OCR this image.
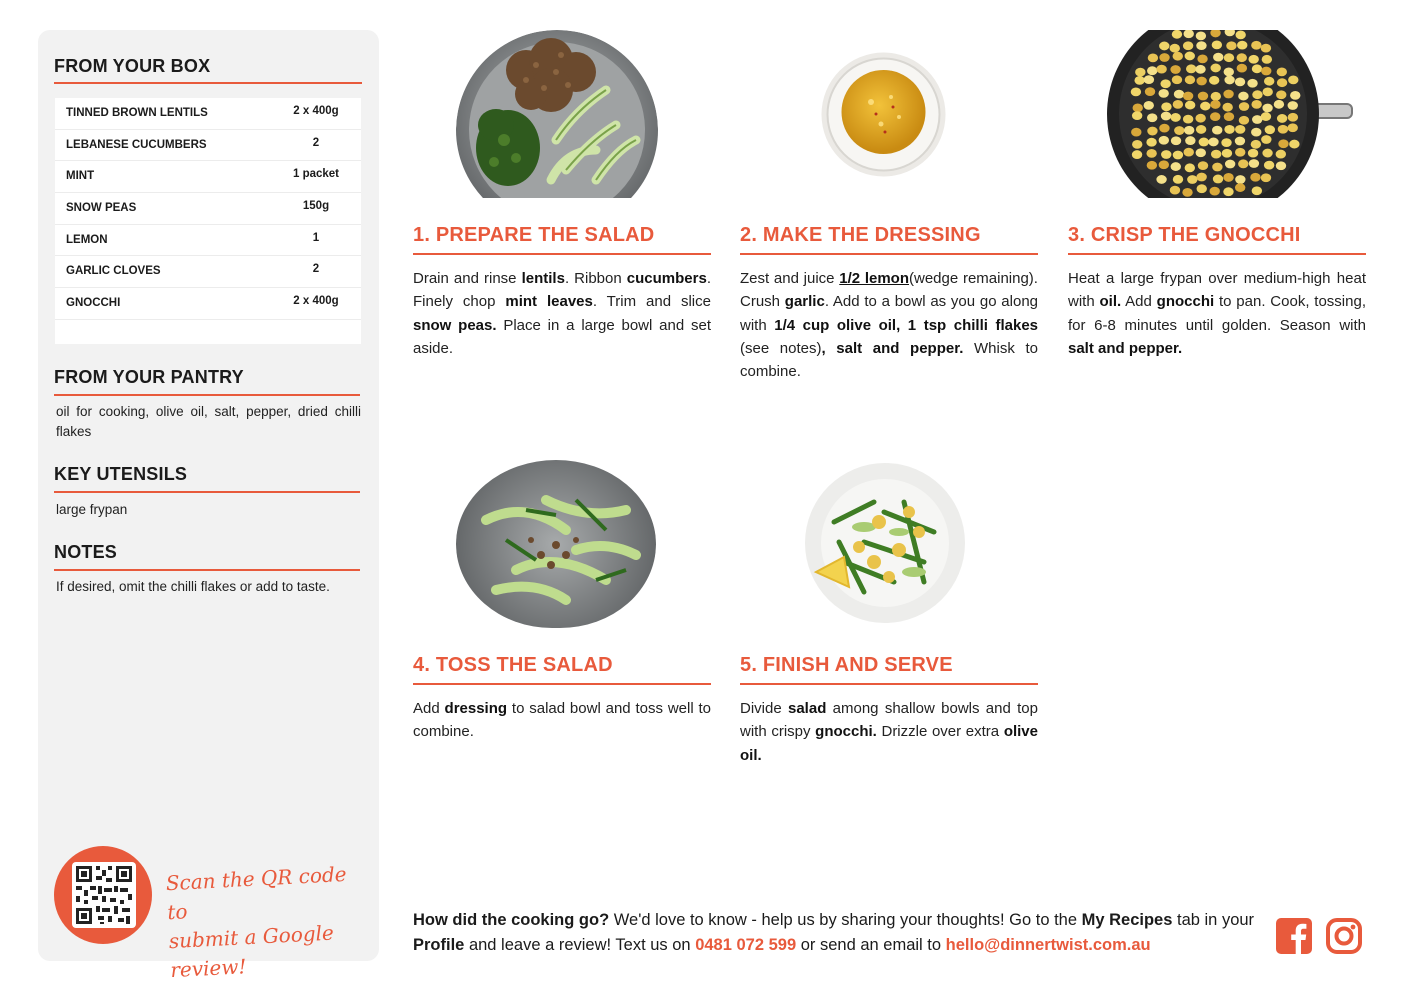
FROM YOUR BOX
TINNED BROWN LENTILS	2 x 400g
LEBANESE CUCUMBERS	2
MINT	1 packet
SNOW PEAS	150g
LEMON	1
GARLIC CLOVES	2
GNOCCHI	2 x 400g
FROM YOUR PANTRY
oil for cooking, olive oil, salt, pepper, dried chilli flakes
KEY UTENSILS
large frypan
NOTES
If desired, omit the chilli flakes or add to taste.
Scan the QR code to
submit a Google review!
1. PREPARE THE SALAD
Drain and rinse lentils. Ribbon cucumbers. Finely chop mint leaves. Trim and slice snow peas. Place in a large bowl and set aside.
2. MAKE THE DRESSING
Zest and juice 1/2 lemon(wedge remaining). Crush garlic. Add to a bowl as you go along with 1/4 cup olive oil, 1 tsp chilli flakes (see notes), salt and pepper. Whisk to combine.
3. CRISP THE GNOCCHI
Heat a large frypan over medium-high heat with oil. Add gnocchi to pan. Cook, tossing, for 6-8 minutes until golden. Season with salt and pepper.
4. TOSS THE SALAD
Add dressing to salad bowl and toss well to combine.
5. FINISH AND SERVE
Divide salad among shallow bowls and top with crispy gnocchi. Drizzle over extra olive oil.
How did the cooking go? We'd love to know - help us by sharing your thoughts! Go to the My Recipes tab in your Profile and leave a review! Text us on 0481 072 599 or send an email to hello@dinnertwist.com.au
